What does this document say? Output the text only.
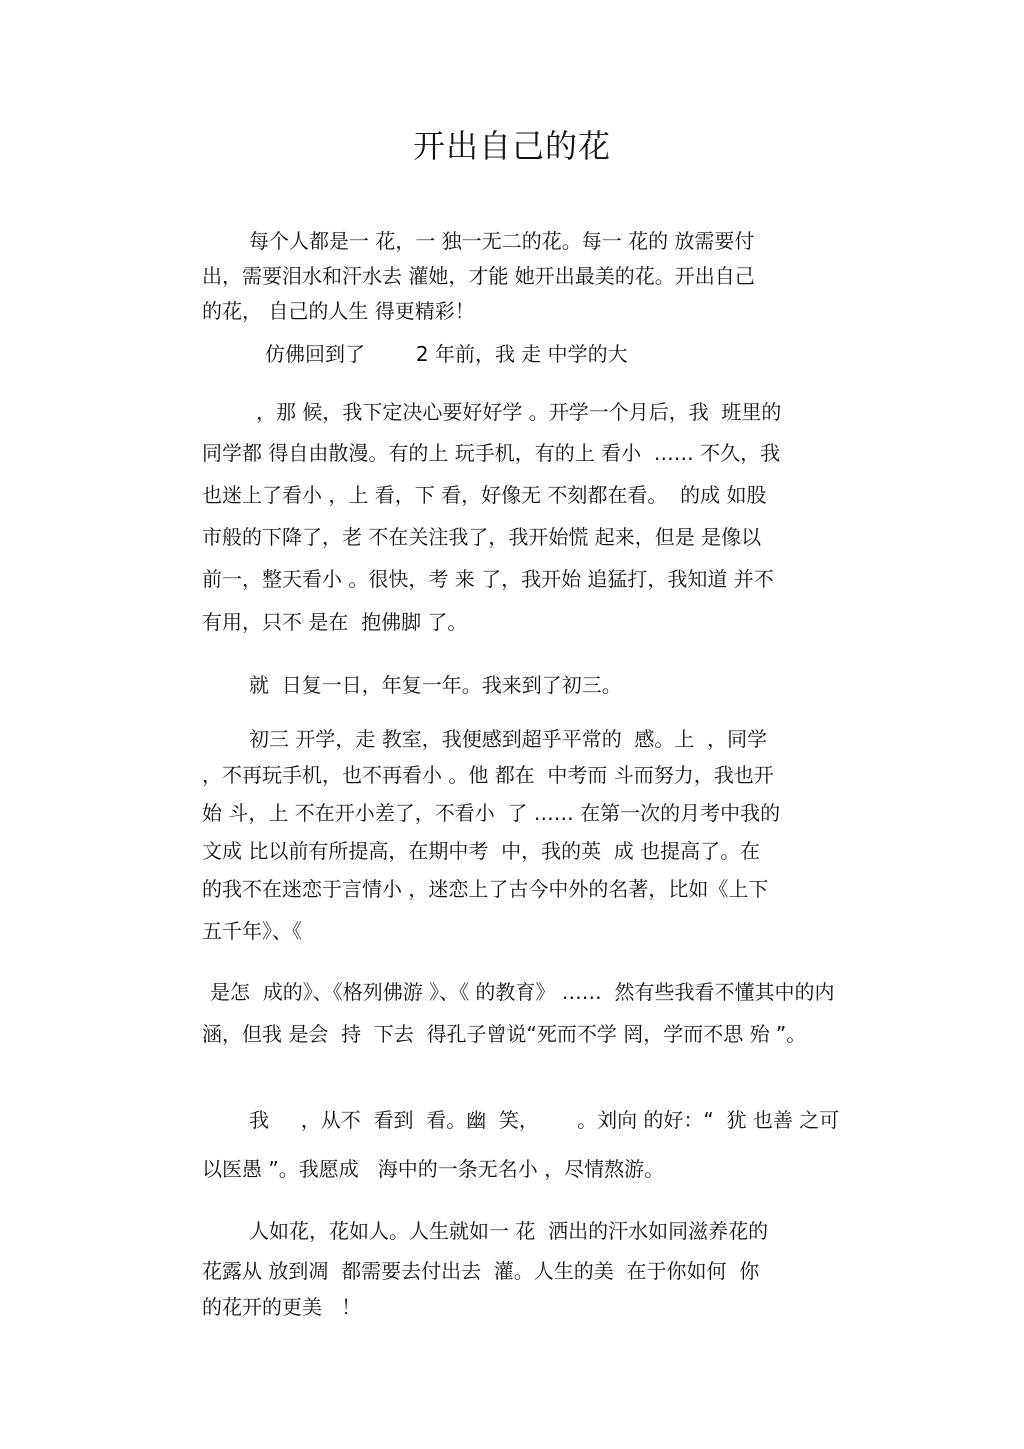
开出自己的花

每个人都是一 花，一 独一无二的花。每一 花的 放需要付

出，需要泪水和汗水去 灌她，才能 她开出最美的花。开出自己

的花， 自己的人生 得更精彩！

仿佛回到了        2 年前，我 走 中学的大

，那 候，我下定决心要好好学 。开学一个月后，我  班里的

同学都 得自由散漫。有的上 玩手机，有的上 看小  …… 不久，我

也迷上了看小 ，上 看，下 看，好像无 不刻都在看。  的成 如股

市般的下降了，老 不在关注我了，我开始慌 起来，但是 是像以

前一，整天看小 。很快，考 来 了，我开始 追猛打，我知道 并不

有用，只不 是在  抱佛脚 了。

就  日复一日，年复一年。我来到了初三。

初三 开学，走 教室，我便感到超乎平常的  感。上  ，同学

，不再玩手机，也不再看小 。他 都在  中考而 斗而努力，我也开

始 斗，上 不在开小差了，不看小  了 …… 在第一次的月考中我的

文成 比以前有所提高，在期中考  中，我的英  成 也提高了。在

的我不在迷恋于言情小 ，迷恋上了古今中外的名著，比如《上下

五千年》、《

是怎  成的》、《格列佛游 》、《 的教育》 ……  然有些我看不懂其中的内

涵，但我 是会  持  下去  得孔子曾说“死而不学 罔，学而不思 殆 ”。

我     ，从不  看到  看。幽  笑，      。刘向 的好：“  犹 也善 之可

以医愚 ”。我愿成   海中的一条无名小 ，尽情熬游。

人如花，花如人。人生就如一 花  洒出的汗水如同滋养花的

花露从 放到凋  都需要去付出去  灌。人生的美  在于你如何  你

的花开的更美   ！
